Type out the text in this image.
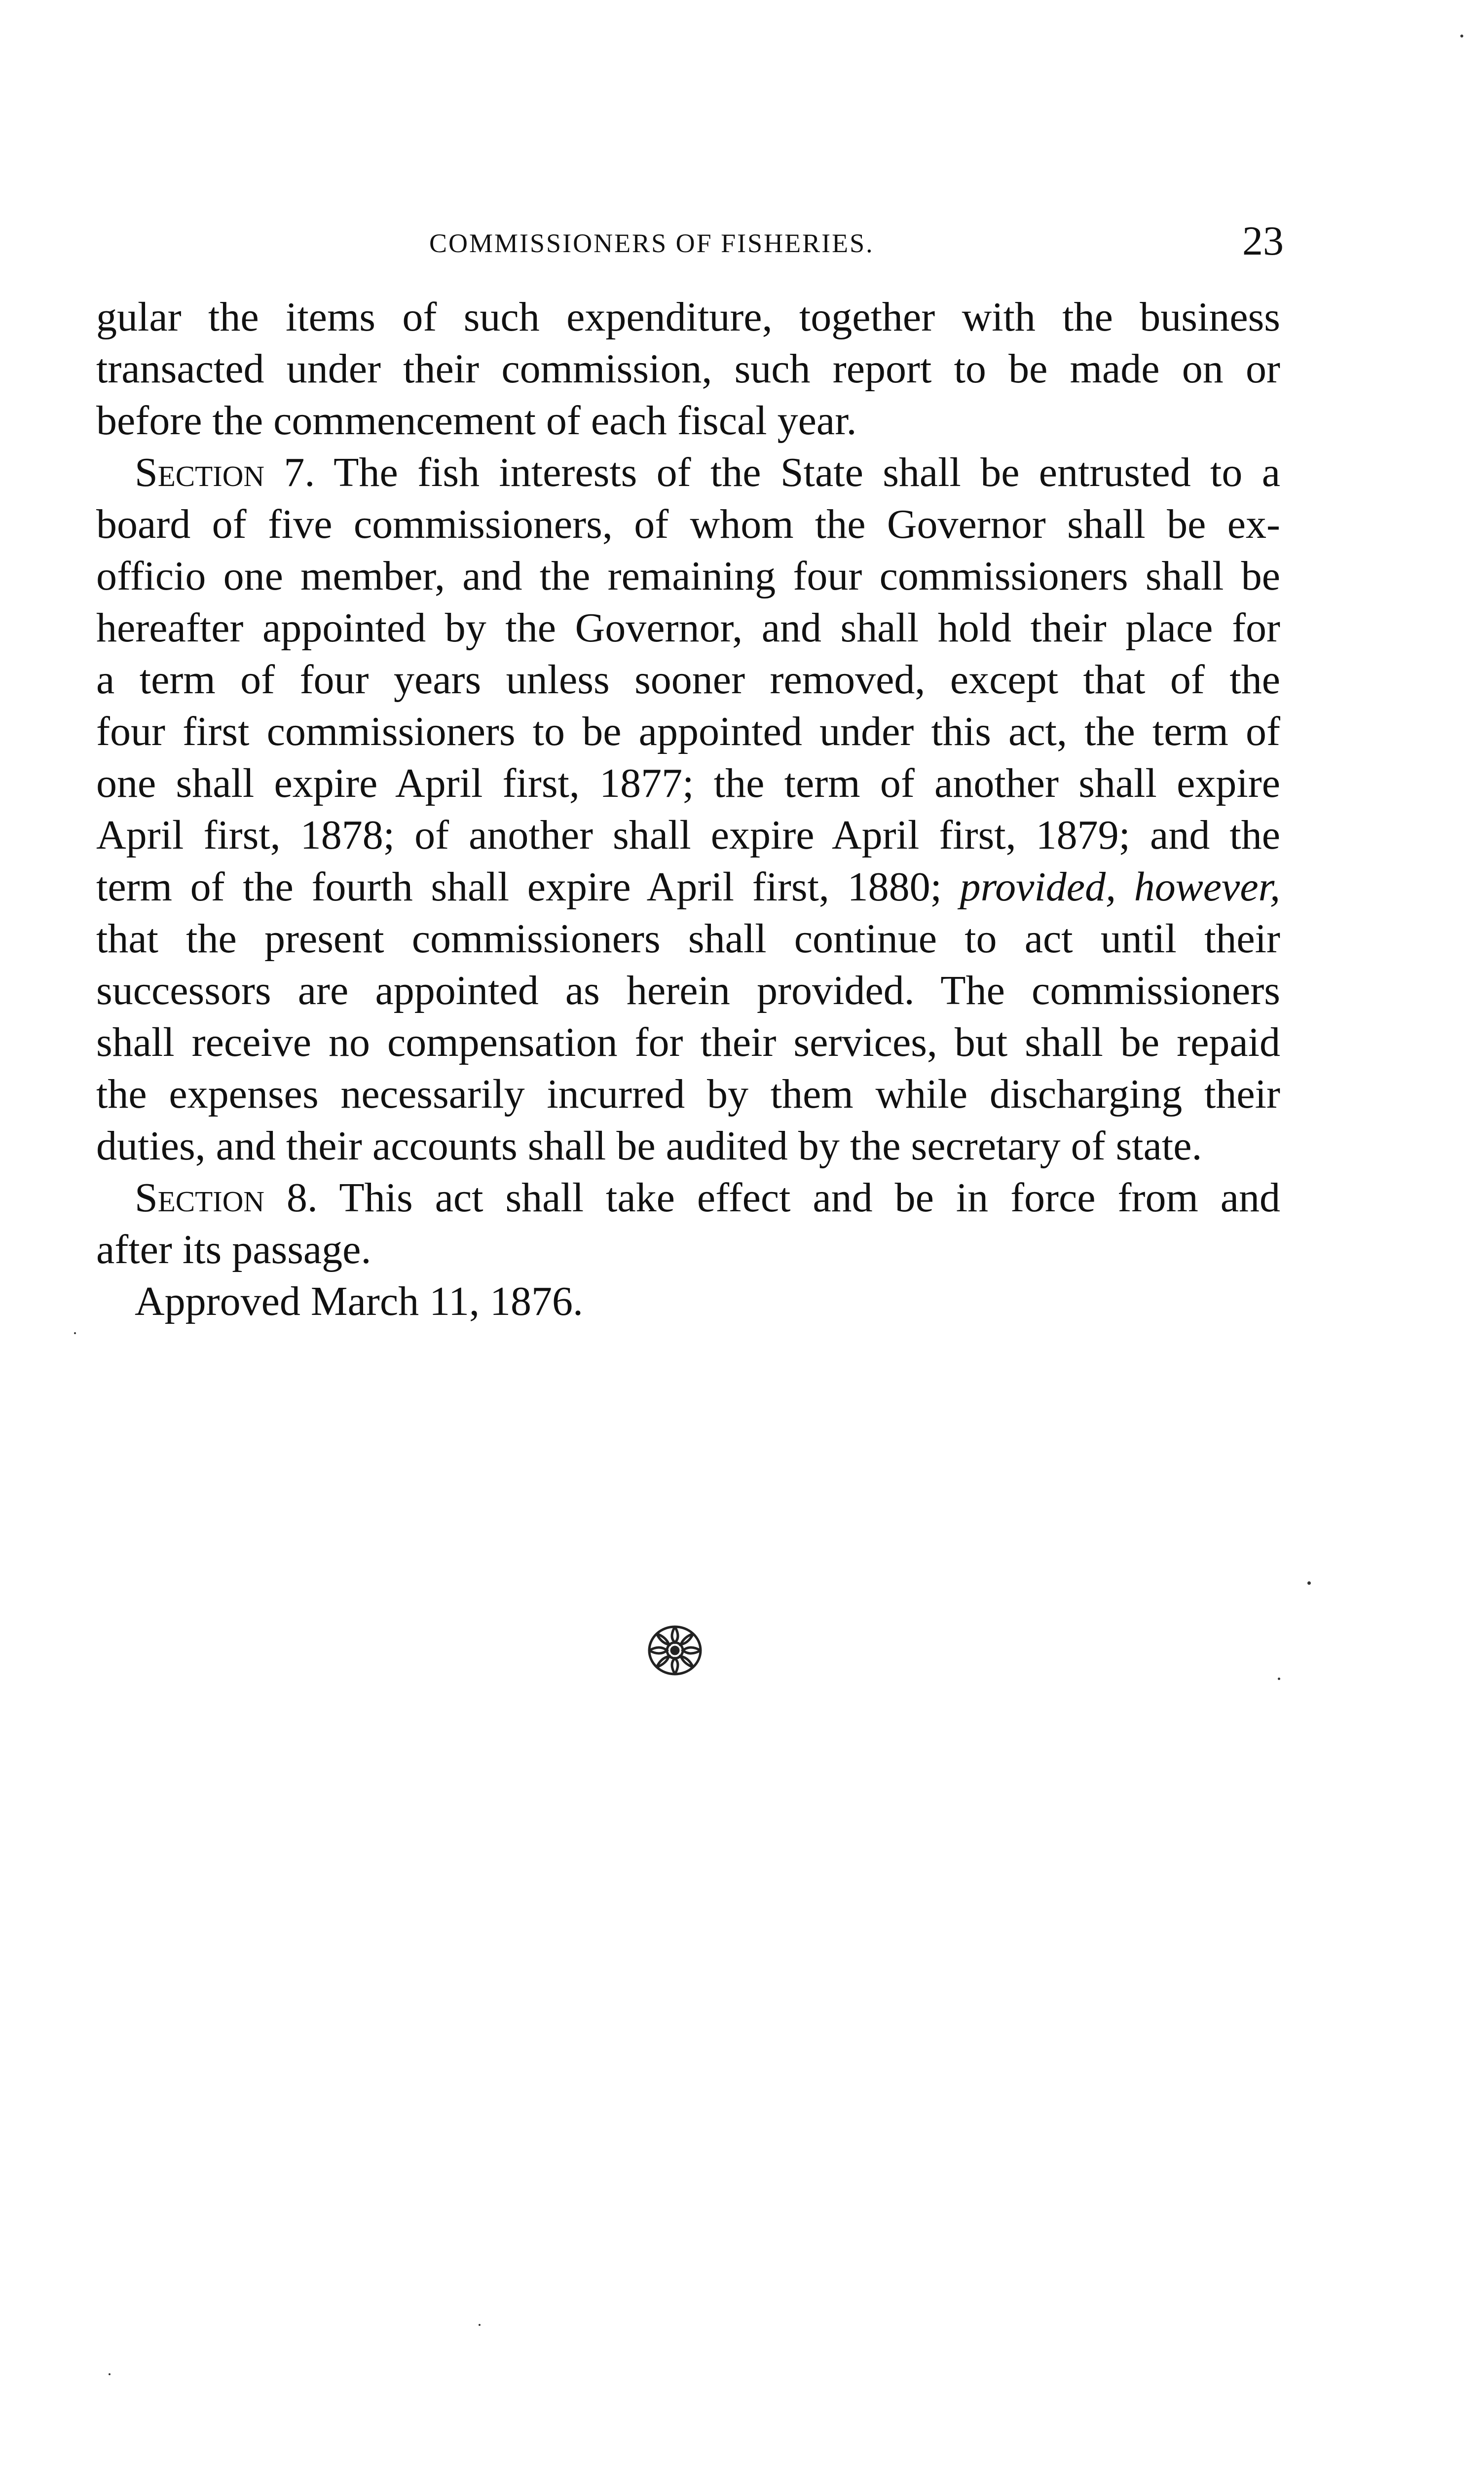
COMMISSIONERS OF FISHERIES.	23
gular the items of such expenditure, together with the business
transacted under their commission, such report to be made on or
before the commencement of each fiscal year.
Section 7. The fish interests of the State shall be entrusted to a
board of five commissioners, of whom the Governor shall be ex-
officio one member, and the remaining four commissioners shall be
hereafter appointed by the Governor, and shall hold their place for
a term of four years unless sooner removed, except that of the
four first commissioners to be appointed under this act, the term of
one shall expire April first, 1877; the term of another shall expire
April first, 1878; of another shall expire April first, 1879; and the
term of the fourth shall expire April first, 1880; provided, however,
that the present commissioners shall continue to act until their
successors are appointed as herein provided. The commissioners
shall receive no compensation for their services, but shall be repaid
the expenses necessarily incurred by them while discharging their
duties, and their accounts shall be audited by the secretary of state.
Section 8. This act shall take effect and be in force from and
after its passage.
Approved March 11, 1876.
